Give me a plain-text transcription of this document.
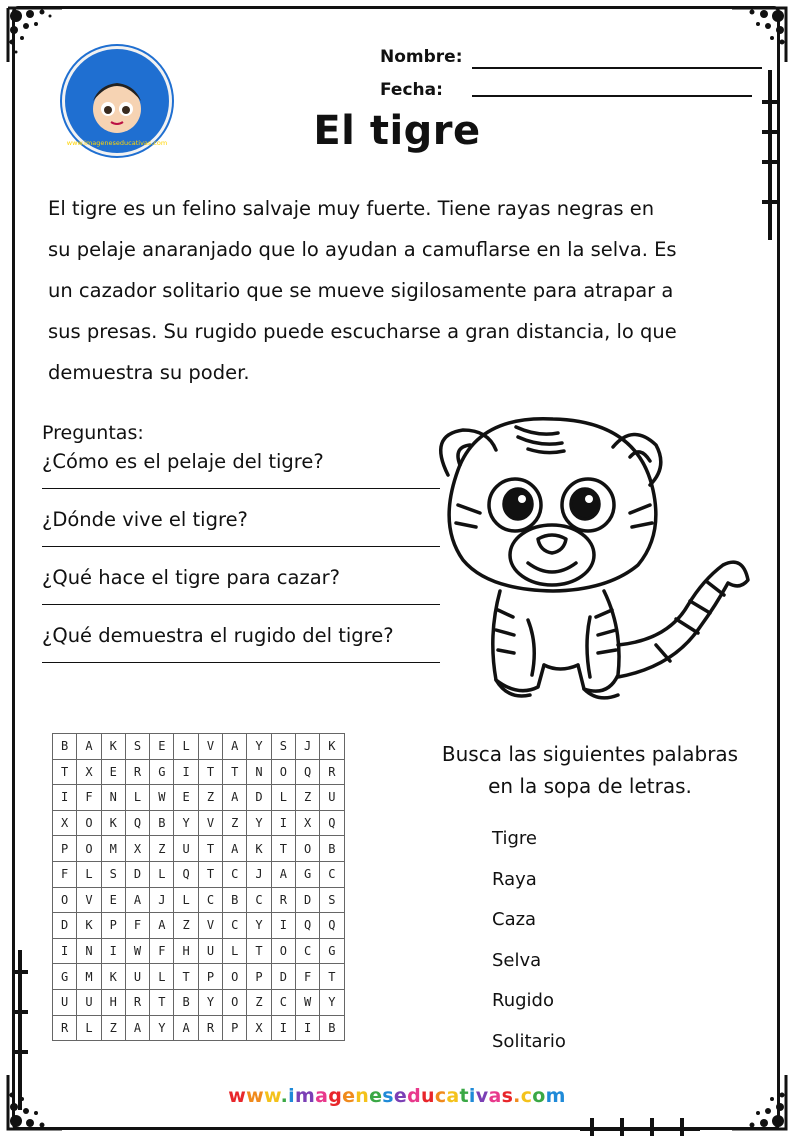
www.imageneseducativas.com
Nombre:
Fecha:
El tigre
El tigre es un felino salvaje muy fuerte. Tiene rayas negras en
su pelaje anaranjado que lo ayudan a camuflarse en la selva. Es
un cazador solitario que se mueve sigilosamente para atrapar a
sus presas. Su rugido puede escucharse a gran distancia, lo que
demuestra su poder.
Preguntas:
¿Cómo es el pelaje del tigre?
¿Dónde vive el tigre?
¿Qué hace el tigre para cazar?
¿Qué demuestra el rugido del tigre?
B	A	K	S	E	L	V	A	Y	S	J	K
T	X	E	R	G	I	T	T	N	O	Q	R
I	F	N	L	W	E	Z	A	D	L	Z	U
X	O	K	Q	B	Y	V	Z	Y	I	X	Q
P	O	M	X	Z	U	T	A	K	T	O	B
F	L	S	D	L	Q	T	C	J	A	G	C
O	V	E	A	J	L	C	B	C	R	D	S
D	K	P	F	A	Z	V	C	Y	I	Q	Q
I	N	I	W	F	H	U	L	T	O	C	G
G	M	K	U	L	T	P	O	P	D	F	T
U	U	H	R	T	B	Y	O	Z	C	W	Y
R	L	Z	A	Y	A	R	P	X	I	I	B
Busca las siguientes palabras
en la sopa de letras.
Tigre
Raya
Caza
Selva
Rugido
Solitario
www.imageneseducativas.com
